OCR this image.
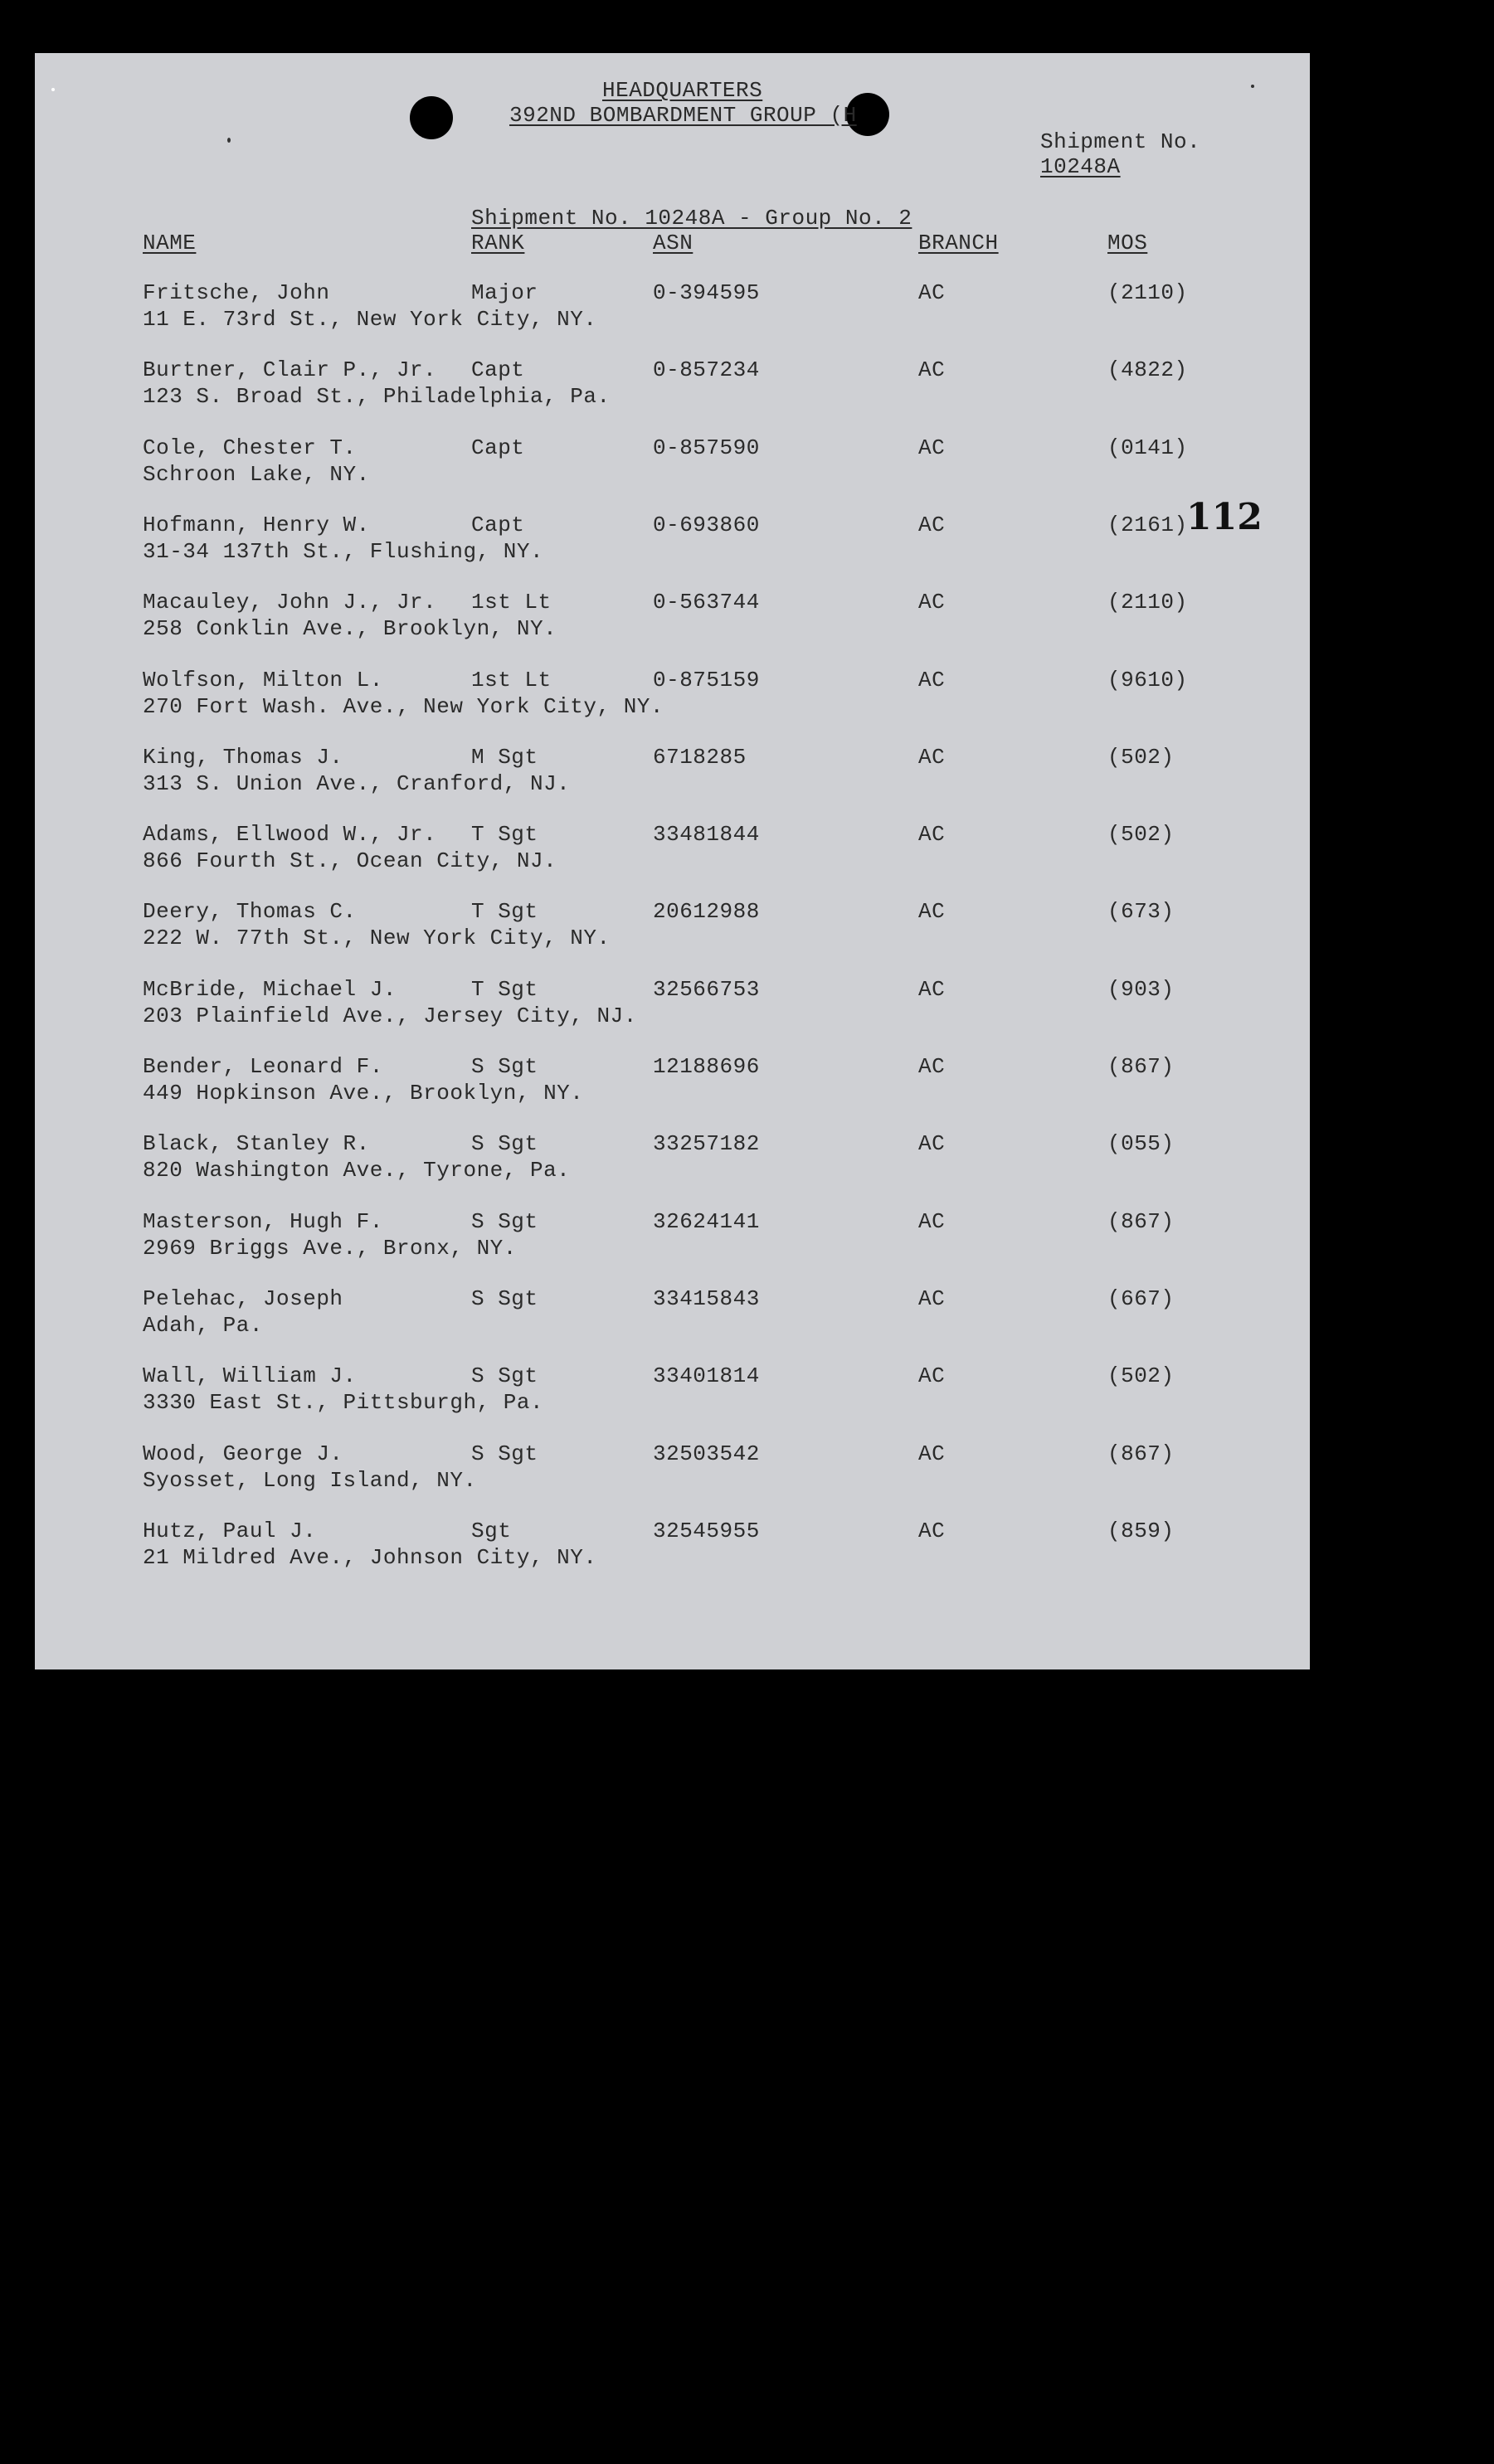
HEADQUARTERS
392ND BOMBARDMENT GROUP (H
Shipment No.
10248A
112
Shipment No. 10248A - Group No. 2
NAME	RANK	ASN	BRANCH	MOS
Fritsche, John	Major	0-394595	AC	(2110)
11 E. 73rd St., New York City, NY.
Burtner, Clair P., Jr. Capt	0-857234	AC	(4822)
123 S. Broad St., Philadelphia, Pa.
Cole, Chester T.	Capt	0-857590	AC	(0141)
Schroon Lake, NY.
Hofmann, Henry W.	Capt	0-693860	AC	(2161)
31-34 137th St., Flushing, NY.
Macauley, John J., Jr. 1st Lt	0-563744	AC	(2110)
258 Conklin Ave., Brooklyn, NY.
Wolfson, Milton L.	1st Lt	0-875159	AC	(9610)
270 Fort Wash. Ave., New York City, NY.
King, Thomas J.	M Sgt	6718285	AC	(502)
313 S. Union Ave., Cranford, NJ.
Adams, Ellwood W., Jr. T Sgt	33481844	AC	(502)
866 Fourth St., Ocean City, NJ.
Deery, Thomas C.	T Sgt	20612988	AC	(673)
222 W. 77th St., New York City, NY.
McBride, Michael J.	T Sgt	32566753	AC	(903)
203 Plainfield Ave., Jersey City, NJ.
Bender, Leonard F.	S Sgt	12188696	AC	(867)
449 Hopkinson Ave., Brooklyn, NY.
Black, Stanley R.	S Sgt	33257182	AC	(055)
820 Washington Ave., Tyrone, Pa.
Masterson, Hugh F.	S Sgt	32624141	AC	(867)
2969 Briggs Ave., Bronx, NY.
Pelehac, Joseph	S Sgt	33415843	AC	(667)
Adah, Pa.
Wall, William J.	S Sgt	33401814	AC	(502)
3330 East St., Pittsburgh, Pa.
Wood, George J.	S Sgt	32503542	AC	(867)
Syosset, Long Island, NY.
Hutz, Paul J.	Sgt	32545955	AC	(859)
21 Mildred Ave., Johnson City, NY.
